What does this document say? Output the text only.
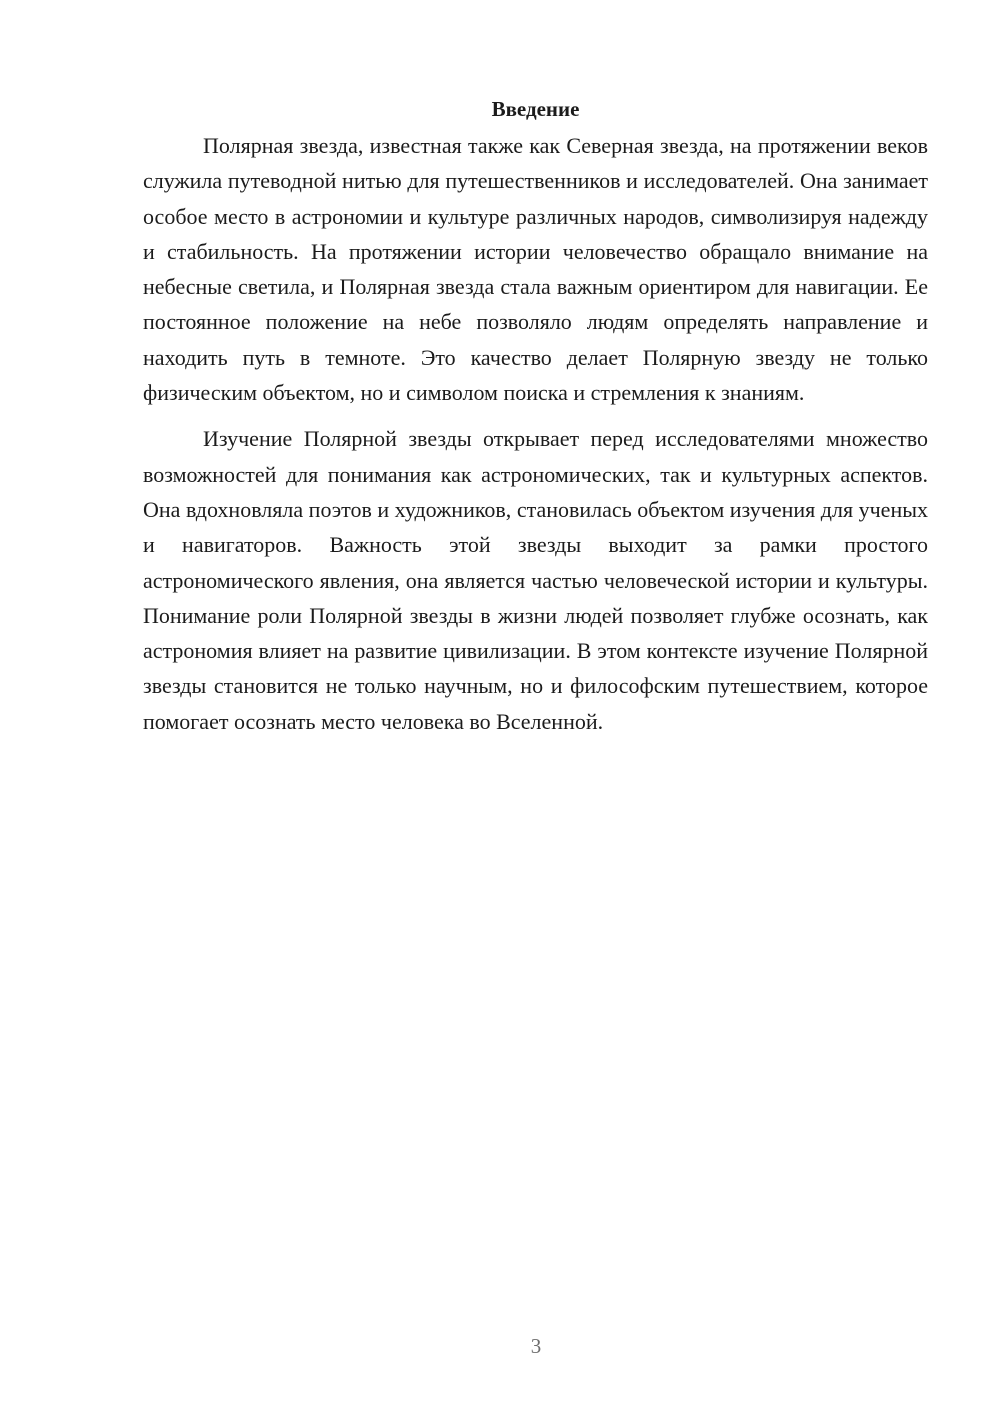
Введение

Полярная звезда, известная также как Северная звезда, на протяжении веков служила путеводной нитью для путешественников и исследователей. Она занимает особое место в астрономии и культуре различных народов, символизируя надежду и стабильность. На протяжении истории человечество обращало внимание на небесные светила, и Полярная звезда стала важным ориентиром для навигации. Ее постоянное положение на небе позволяло людям определять направление и находить путь в темноте. Это качество делает Полярную звезду не только физическим объектом, но и символом поиска и стремления к знаниям.

Изучение Полярной звезды открывает перед исследователями множество возможностей для понимания как астрономических, так и культурных аспектов. Она вдохновляла поэтов и художников, становилась объектом изучения для ученых и навигаторов. Важность этой звезды выходит за рамки простого астрономического явления, она является частью человеческой истории и культуры. Понимание роли Полярной звезды в жизни людей позволяет глубже осознать, как астрономия влияет на развитие цивилизации. В этом контексте изучение Полярной звезды становится не только научным, но и философским путешествием, которое помогает осознать место человека во Вселенной.

3
